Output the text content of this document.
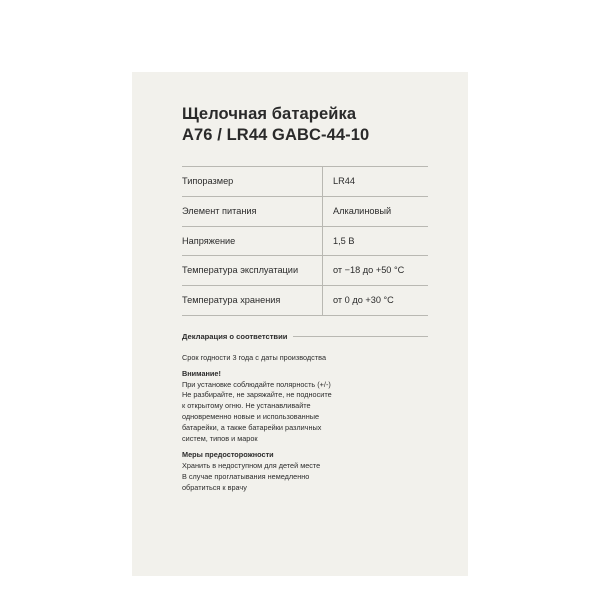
Щелочная батарейка
A76 / LR44 GABC-44-10
Типоразмер	LR44
Элемент питания	Алкалиновый
Напряжение	1,5 В
Температура эксплуатации	от −18 до +50 °C
Температура хранения	от 0 до +30 °C
Декларация о соответствии

Срок годности 3 года с даты производства

Внимание!

При установке соблюдайте полярность (+/-)

Не разбирайте, не заряжайте, не подносите

к открытому огню. Не устанавливайте

одновременно новые и использованные

батарейки, а также батарейки различных

систем, типов и марок

Меры предосторожности

Хранить в недоступном для детей месте

В случае проглатывания немедленно

обратиться к врачу
